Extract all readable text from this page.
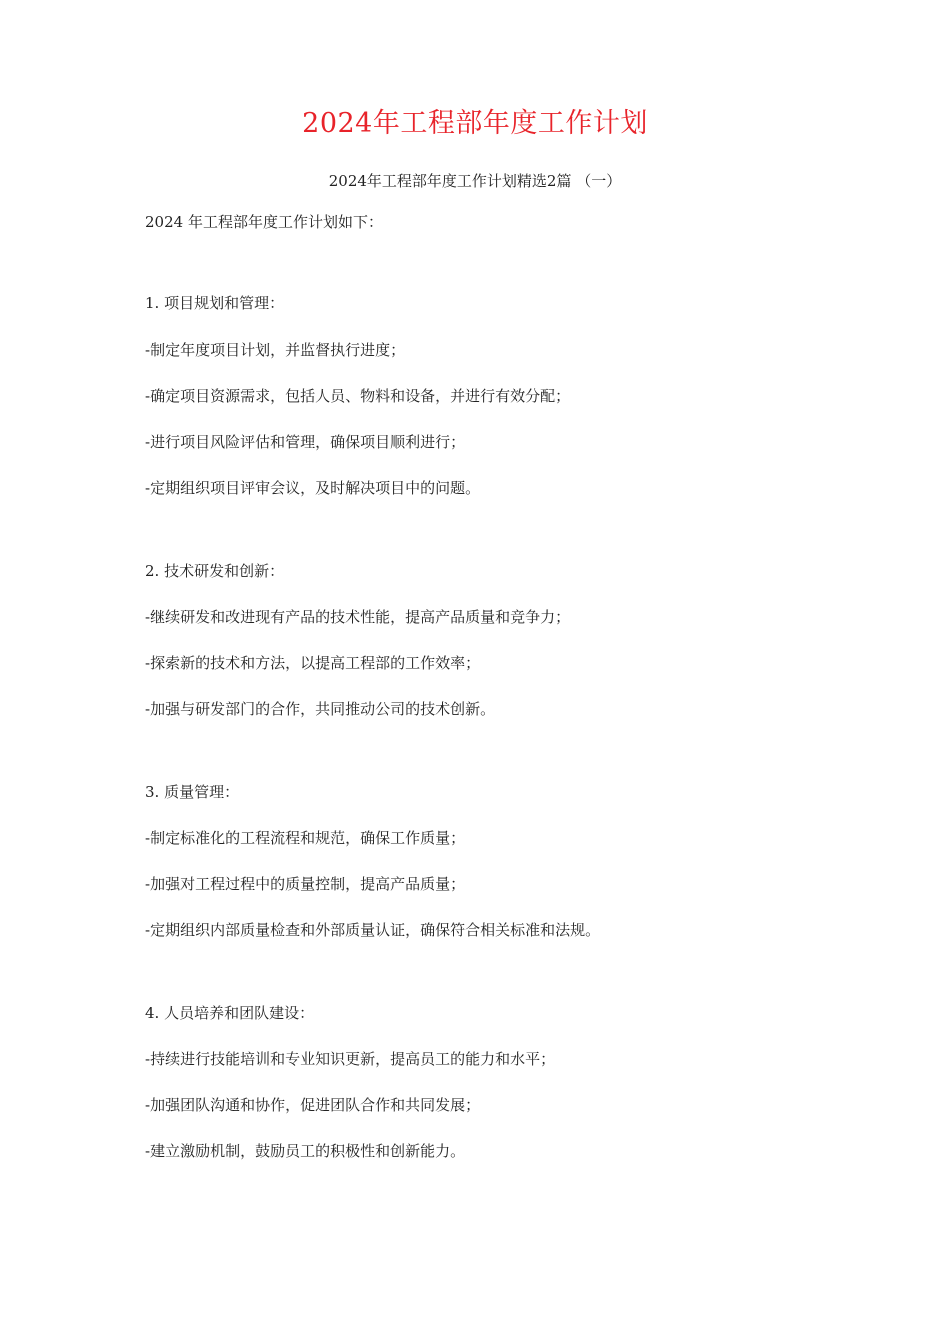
2024年工程部年度工作计划
2024年工程部年度工作计划精选2篇 （一）
2024 年工程部年度工作计划如下：
1. 项目规划和管理：
-制定年度项目计划，并监督执行进度；
-确定项目资源需求，包括人员、物料和设备，并进行有效分配；
-进行项目风险评估和管理，确保项目顺利进行；
-定期组织项目评审会议，及时解决项目中的问题。
2. 技术研发和创新：
-继续研发和改进现有产品的技术性能，提高产品质量和竞争力；
-探索新的技术和方法，以提高工程部的工作效率；
-加强与研发部门的合作，共同推动公司的技术创新。
3. 质量管理：
-制定标准化的工程流程和规范，确保工作质量；
-加强对工程过程中的质量控制，提高产品质量；
-定期组织内部质量检查和外部质量认证，确保符合相关标准和法规。
4. 人员培养和团队建设：
-持续进行技能培训和专业知识更新，提高员工的能力和水平；
-加强团队沟通和协作，促进团队合作和共同发展；
-建立激励机制，鼓励员工的积极性和创新能力。
